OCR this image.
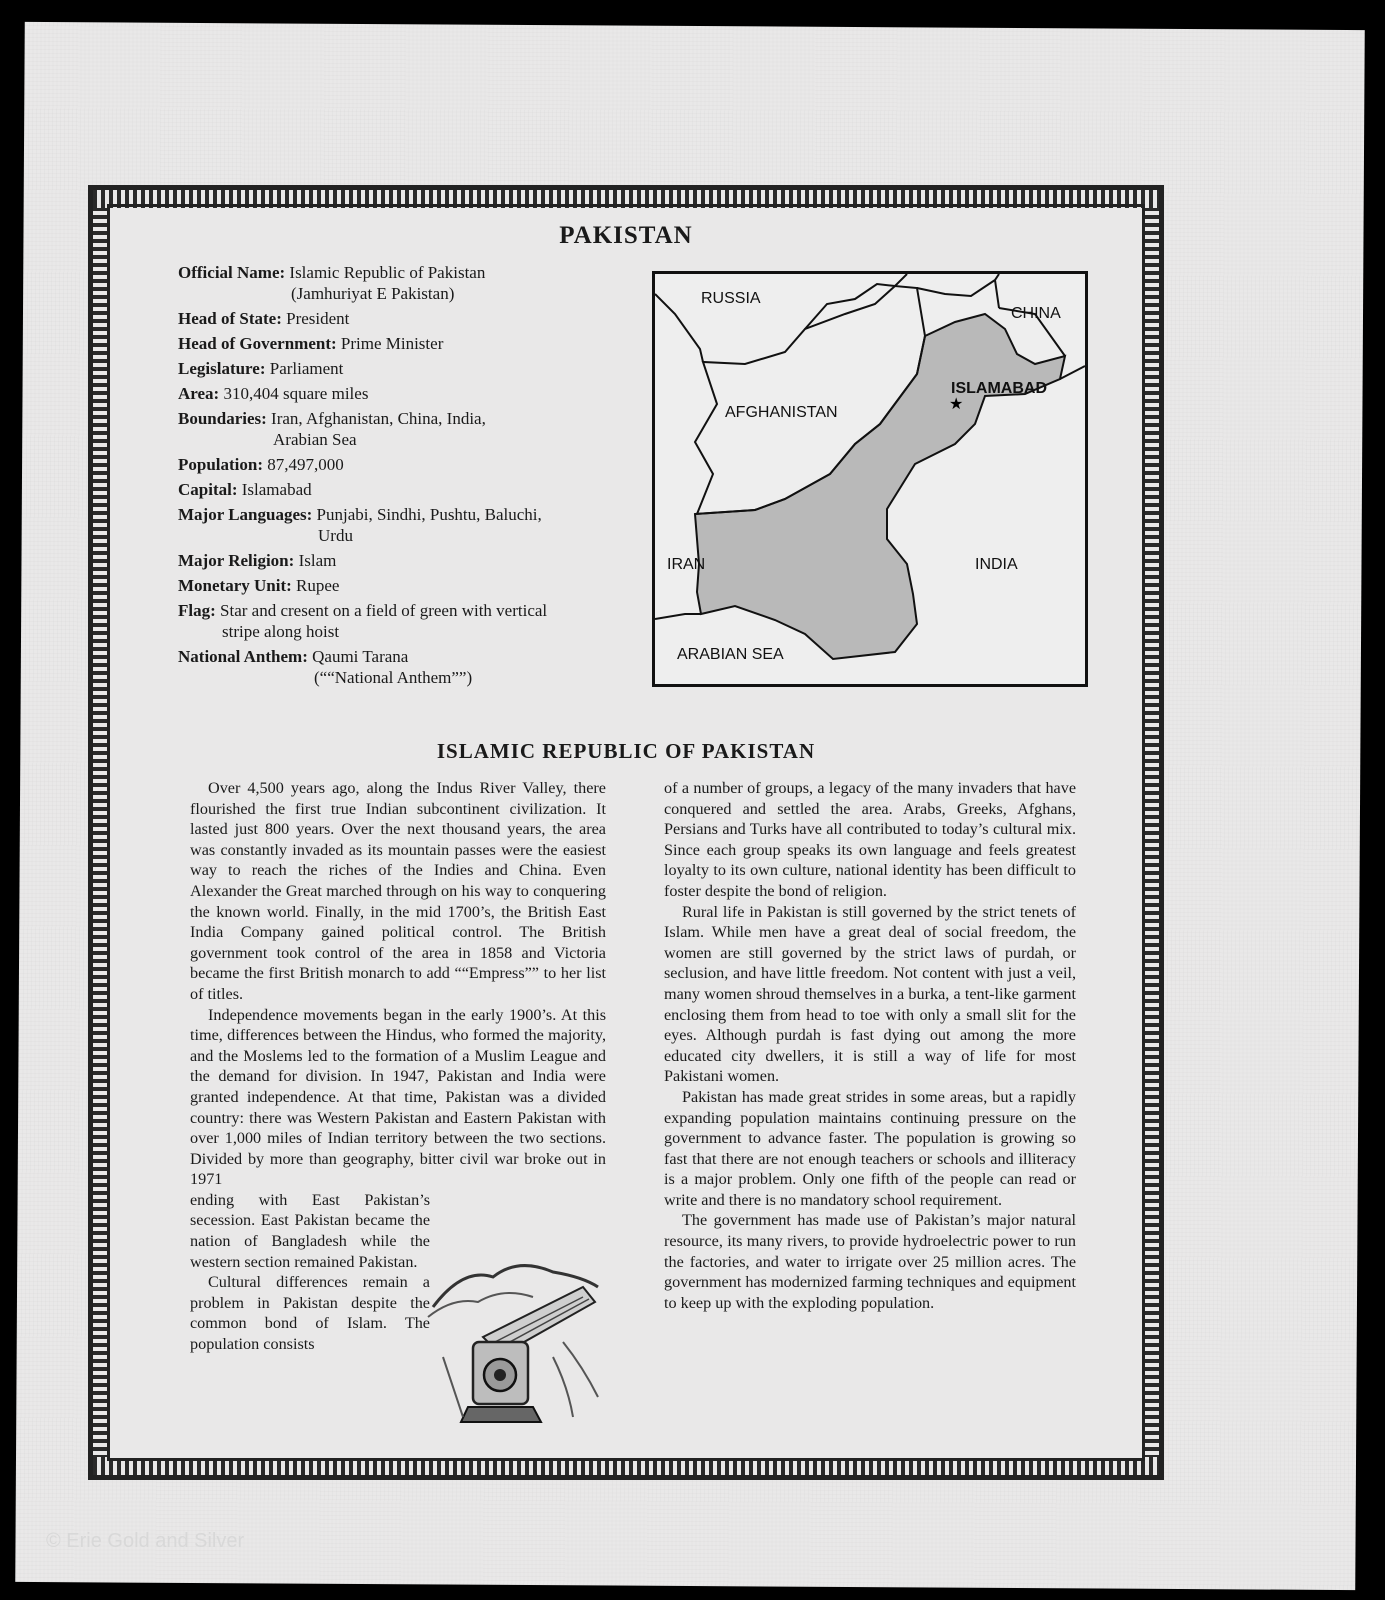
PAKISTAN
Official Name: Islamic Republic of Pakistan
(Jamhuriyat E Pakistan)
Head of State: President
Head of Government: Prime Minister
Legislature: Parliament
Area: 310,404 square miles
Boundaries: Iran, Afghanistan, China, India,
Arabian Sea
Population: 87,497,000
Capital: Islamabad
Major Languages: Punjabi, Sindhi, Pushtu, Baluchi,
Urdu
Major Religion: Islam
Monetary Unit: Rupee
Flag: Star and cresent on a field of green with vertical
stripe along hoist
National Anthem: Qaumi Tarana
(““National Anthem””)
★
RUSSIA
CHINA
ISLAMABAD
AFGHANISTAN
IRAN	INDIA
ARABIAN SEA
ISLAMIC REPUBLIC OF PAKISTAN

Over 4,500 years ago, along the Indus River Valley, there flourished the first true Indian subcontinent civilization. It lasted just 800 years. Over the next thousand years, the area was constantly invaded as its mountain passes were the easiest way to reach the riches of the Indies and China. Even Alexander the Great marched through on his way to conquering the known world. Finally, in the mid 1700’s, the British East India Company gained political control. The British government took control of the area in 1858 and Victoria became the first British monarch to add ““Empress”” to her list of titles.

Independence movements began in the early 1900’s. At this time, differences between the Hindus, who formed the majority, and the Moslems led to the formation of a Muslim League and the demand for division. In 1947, Pakistan and India were granted independence. At that time, Pakistan was a divided country: there was Western Pakistan and Eastern Pakistan with over 1,000 miles of Indian territory between the two sections. Divided by more than geography, bitter civil war broke out in 1971

ending with East Pakistan’s secession. East Pakistan became the nation of Bangladesh while the western section remained Pakistan.

Cultural differences remain a problem in Pakistan despite the common bond of Islam. The population consists

of a number of groups, a legacy of the many invaders that have conquered and settled the area. Arabs, Greeks, Afghans, Persians and Turks have all contributed to today’s cultural mix. Since each group speaks its own language and feels greatest loyalty to its own culture, national identity has been difficult to foster despite the bond of religion.

Rural life in Pakistan is still governed by the strict tenets of Islam. While men have a great deal of social freedom, the women are still governed by the strict laws of purdah, or seclusion, and have little freedom. Not content with just a veil, many women shroud themselves in a burka, a tent-like garment enclosing them from head to toe with only a small slit for the eyes. Although purdah is fast dying out among the more educated city dwellers, it is still a way of life for most Pakistani women.

Pakistan has made great strides in some areas, but a rapidly expanding population maintains continuing pressure on the government to advance faster. The population is growing so fast that there are not enough teachers or schools and illiteracy is a major problem. Only one fifth of the people can read or write and there is no mandatory school requirement.

The government has made use of Pakistan’s major natural resource, its many rivers, to provide hydroelectric power to run the factories, and water to irrigate over 25 million acres. The government has modernized farming techniques and equipment to keep up with the exploding population.

© Erie Gold and Silver
